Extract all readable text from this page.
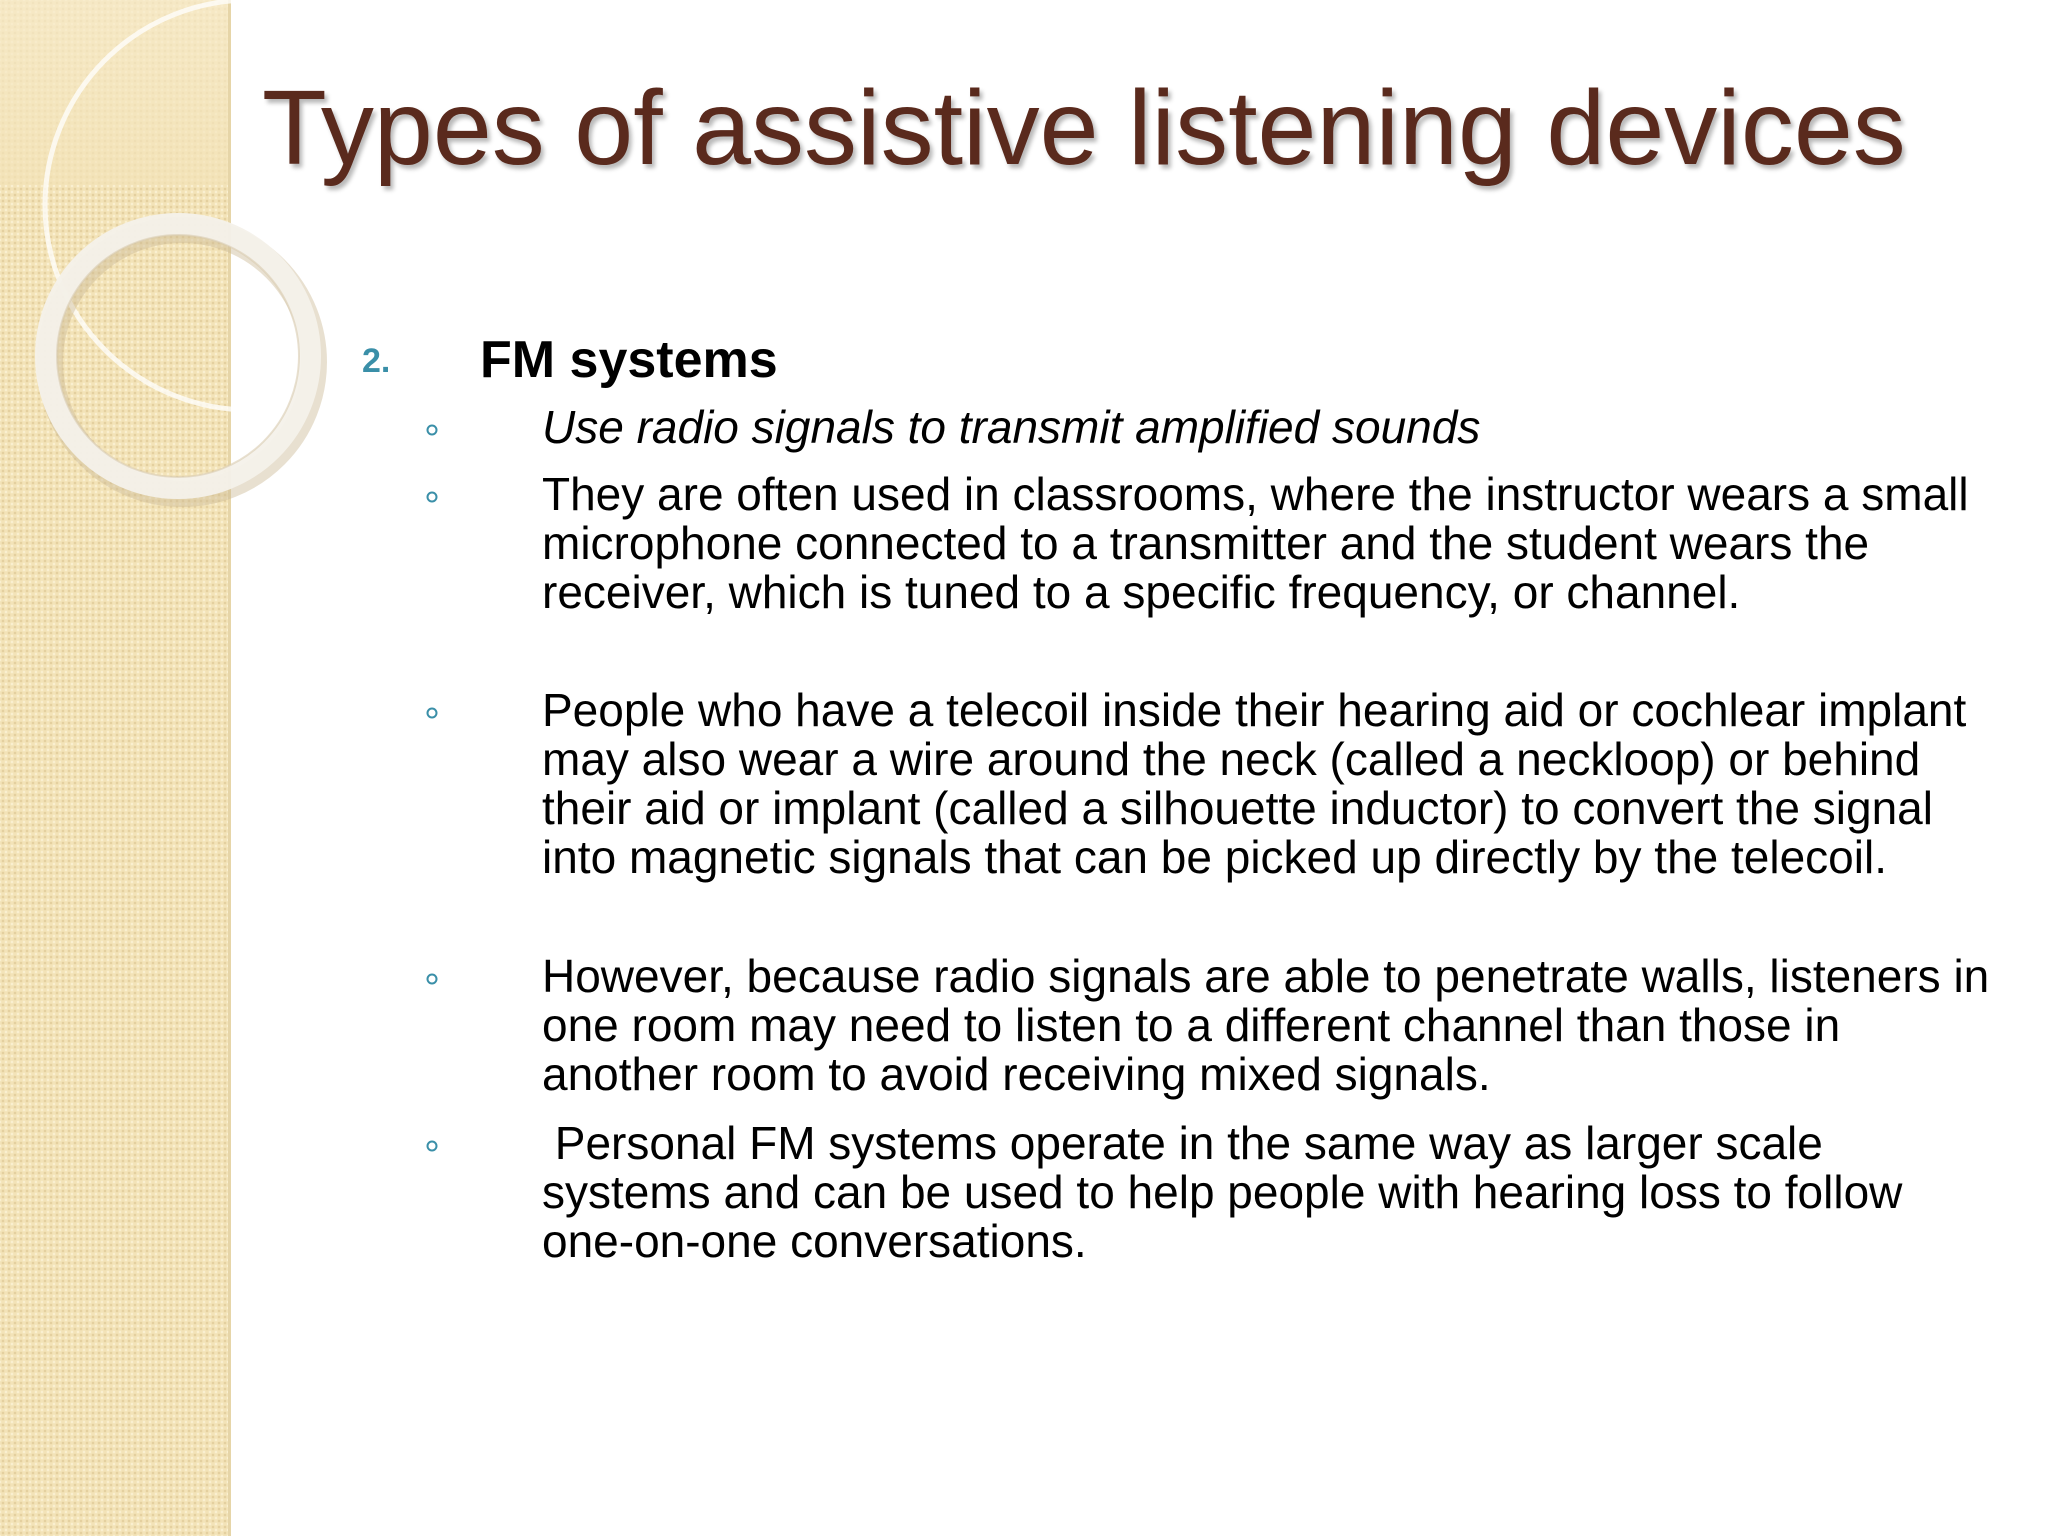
Types of assistive listening devices
2. FM systems
Use radio signals to transmit amplified sounds
They are often used in classrooms, where the instructor wears a small microphone connected to a transmitter and the student wears the receiver, which is tuned to a specific frequency, or channel.
People who have a telecoil inside their hearing aid or cochlear implant may also wear a wire around the neck (called a neckloop) or behind their aid or implant (called a silhouette inductor) to convert the signal into magnetic signals that can be picked up directly by the telecoil.
However, because radio signals are able to penetrate walls, listeners in one room may need to listen to a different channel than those in another room to avoid receiving mixed signals.
Personal FM systems operate in the same way as larger scale systems and can be used to help people with hearing loss to follow one-on-one conversations.
